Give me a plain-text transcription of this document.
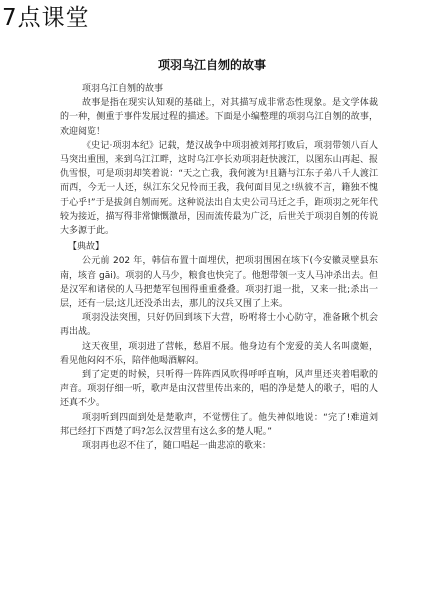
7点课堂
项羽乌江自刎的故事

项羽乌江自刎的故事

故事是指在现实认知观的基础上，对其描写成非常态性现象。是文学体裁的一种，侧重于事件发展过程的描述。下面是小编整理的项羽乌江自刎的故事，欢迎阅览！

《史记·项羽本纪》记载，楚汉战争中项羽被刘邦打败后，项羽带领八百人马突出重围，来到乌江江畔，这时乌江亭长劝项羽赶快渡江，以图东山再起、报仇雪恨，可是项羽却笑着说：“天之亡我，我何渡为!且籍与江东子弟八千人渡江而西，今无一人还，纵江东父兄怜而王我，我何面目见之!纵彼不言，籍独不愧于心乎!”于是拔剑自刎而死。这种说法出自太史公司马迁之手，距项羽之死年代较为接近，描写得非常慷慨激昂，因而流传最为广泛，后世关于项羽自刎的传说大多源于此。

【典故】

公元前 202 年，韩信布置十面埋伏，把项羽围困在垓下(今安徽灵壁县东南，垓音 gāi)。项羽的人马少，粮食也快完了。他想带领一支人马冲杀出去。但是汉军和诸侯的人马把楚军包围得重重叠叠。项羽打退一批，又来一批;杀出一层，还有一层;这儿还没杀出去，那儿的汉兵又围了上来。

项羽没法突围，只好仍回到垓下大营，吩咐将士小心防守，准备瞅个机会再出战。

这天夜里，项羽进了营帐，愁眉不展。他身边有个宠爱的美人名叫虞姬，看见他闷闷不乐，陪伴他喝酒解闷。

到了定更的时候，只听得一阵阵西风吹得呼呼直响，风声里还夹着唱歌的声音。项羽仔细一听，歌声是由汉营里传出来的，唱的净是楚人的歌子，唱的人还真不少。

项羽听到四面到处是楚歌声，不觉愣住了。他失神似地说：“完了!难道刘邦已经打下西楚了吗?怎么汉营里有这么多的楚人呢。”

项羽再也忍不住了，随口唱起一曲悲凉的歌来：
